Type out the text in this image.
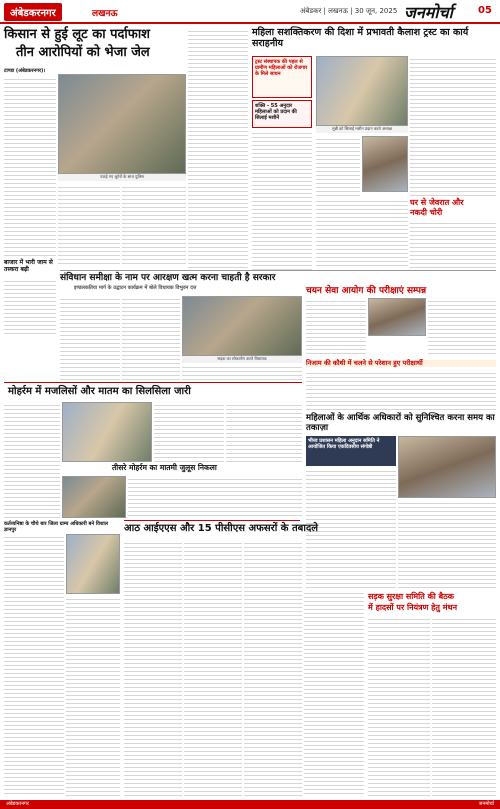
अंबेडकरनगर	लखनऊ	अंबेडकर | लखनऊ | 30 जून, 2025 जनमोर्चा	05
किसान से हुई लूट का पर्दाफाश
तीन आरोपियों को भेजा जेल
टाण्डा (अंबेडकरनगर)।
पकड़े गए लुटेरों के साथ पुलिस
बाजार में भारी जाम से तस्करा बढ़ी
महिला सशक्तिकरण की दिशा में प्रभावती कैलाश ट्रस्ट का कार्य सराहनीय
ट्रस्ट संस्थापक की पहल से ग्रामीण महिलाओं को रोजगार के मिले साधन
शक्ति - 55 अनुदार महिलाओं को प्रदान की सिलाई मशीनें
मुन्नी को सिलाई मशीन प्रदान करते अध्यक्ष
घर से जेवरात और
नकदी चोरी
संविधान समीक्षा के नाम पर आरक्षण खत्म करना चाहती है सरकार
इण्डलकतिया मार्ग के उद्घाटन कार्यक्रम में बोले विधायक विभुवन दत्त
सड़क का लोकार्पण करते विधायक
चयन सेवा आयोग की परीक्षाएं सम्पन्न
निजाम की कौथी में चलने से परेशान हुए परीक्षार्थी
मोहर्रम में मजलिसों और मातम का सिलसिला जारी
तीसरे मोहर्रम का मातमी जुलूस निकला
महिलाओं के आर्थिक अधिकारों को सुनिश्चित करना समय का तकाज़ा
भीत्त्व प्रशासन महिला अनुदान समिति ने आयोजित किया एकदिवसीय संगोष्ठी
कर्तव्यनिष्ठा के चौथे बार जिला ग्राम्य अधिकारी बने विशाल ज्ञानपुर	आठ आईएएस और 15 पीसीएस अफसरों के तबादले
सड़क सुरक्षा समिति की बैठक
में हादसों पर नियंत्रण हेतु मंथन
अंबेडकरनगर	जनमोर्चा
